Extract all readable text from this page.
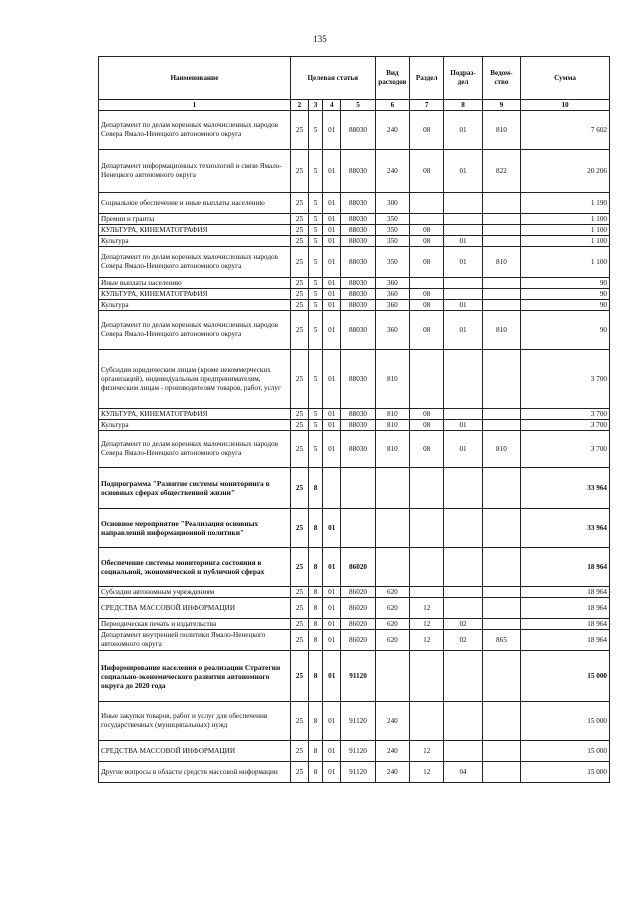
135
Наименование	Целевая статья				Вид расходов	Раздел	Подраз- дел	Ведом- ство	Сумма
1	2	3	4	5	6	7	8	9	10
Департамент по делам коренных малочисленных народов Севера Ямало-Ненецкого автономного округа	25	5	01	88030	240	08	01	810	7 602
Департамент информационных технологий и связи Ямало-Ненецкого автономного округа	25	5	01	88030	240	08	01	822	20 206
Социальное обеспечение и иные выплаты населению	25	5	01	88030	300				1 190
Премии и гранты	25	5	01	88030	350				1 100
КУЛЬТУРА, КИНЕМАТОГРАФИЯ	25	5	01	88030	350	08			1 100
Культура	25	5	01	88030	350	08	01		1 100
Департамент по делам коренных малочисленных народов Севера Ямало-Ненецкого автономного округа	25	5	01	88030	350	08	01	810	1 100
Иные выплаты населению	25	5	01	88030	360				90
КУЛЬТУРА, КИНЕМАТОГРАФИЯ	25	5	01	88030	360	08			90
Культура	25	5	01	88030	360	08	01		90
Департамент по делам коренных малочисленных народов Севера Ямало-Ненецкого автономного округа	25	5	01	88030	360	08	01	810	90
Субсидии юридическим лицам (кроме некоммерческих организаций), индивидуальным предпринимателям, физическим лицам - производителям товаров, работ, услуг	25	5	01	88030	810				3 700
КУЛЬТУРА, КИНЕМАТОГРАФИЯ	25	5	01	88030	810	08			3 700
Культура	25	5	01	88030	810	08	01		3 700
Департамент по делам коренных малочисленных народов Севера Ямало-Ненецкого автономного округа	25	5	01	88030	810	08	01	810	3 700
Подпрограмма "Развитие системы мониторинга в основных сферах общественной жизни"	25	8							33 964
Основное мероприятие "Реализация основных направлений информационной политики"	25	8	01						33 964
Обеспечение системы мониторинга состояния в социальной, экономической и публичной сферах	25	8	01	86020					18 964
Субсидии автономным учреждениям	25	8	01	86020	620				18 964
СРЕДСТВА МАССОВОЙ ИНФОРМАЦИИ	25	8	01	86020	620	12			18 964
Периодическая печать и издательства	25	8	01	86020	620	12	02		18 964
Департамент внутренней политики Ямало-Ненецкого автономного округа	25	8	01	86020	620	12	02	865	18 964
Информирование населения о реализации Стратегии социально-экономического развития автономного округа до 2020 года	25	8	01	91120					15 000
Иные закупки товаров, работ и услуг для обеспечения государственных (муниципальных) нужд	25	8	01	91120	240				15 000
СРЕДСТВА МАССОВОЙ ИНФОРМАЦИИ	25	8	01	91120	240	12			15 000
Другие вопросы в области средств массовой информации	25	8	01	91120	240	12	04		15 000
